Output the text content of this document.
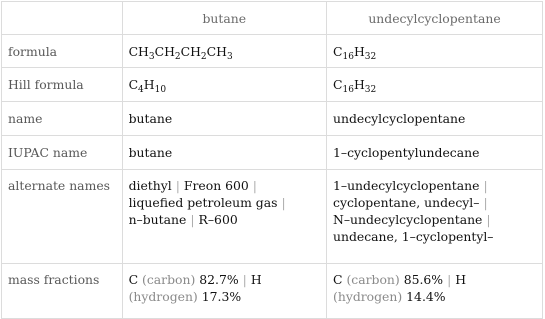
	butane	undecylcyclopentane
formula	$CH_3CH_2CH_2CH_3$	$C_{16}H_{32}$
Hill formula	$C_4H_{10}$	$C_{16}H_{32}$
name	butane	undecylcyclopentane
IUPAC name	butane	1–cyclopentylundecane
alternate names	diethyl | Freon 600 |
liquefied petroleum gas |
n–butane | R–600	1–undecylcyclopentane |
cyclopentane, undecyl– |
N–undecylcyclopentane |
undecane, 1–cyclopentyl–
mass fractions	C (carbon) 82.7% | H
(hydrogen) 17.3%	C (carbon) 85.6% | H
(hydrogen) 14.4%
